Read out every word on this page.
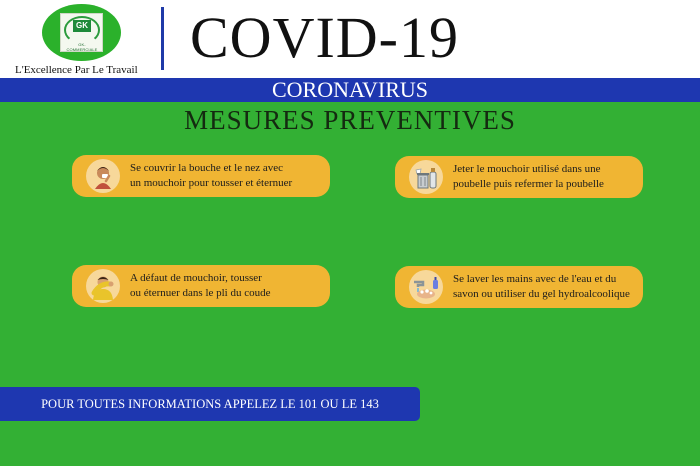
GK
GK-COMMERCIALE
L'Excellence Par Le Travail COVID-19
CORONAVIRUS
MESURES PREVENTIVES
Se couvrir la bouche et le nez avec
un mouchoir pour tousser et éternuer
Jeter le mouchoir utilisé dans une
poubelle puis refermer la poubelle
A défaut de mouchoir, tousser
ou éternuer dans le pli du coude
Se laver les mains avec de l'eau et du
savon ou utiliser du gel hydroalcoolique
POUR TOUTES INFORMATIONS APPELEZ LE 101 OU LE 143
